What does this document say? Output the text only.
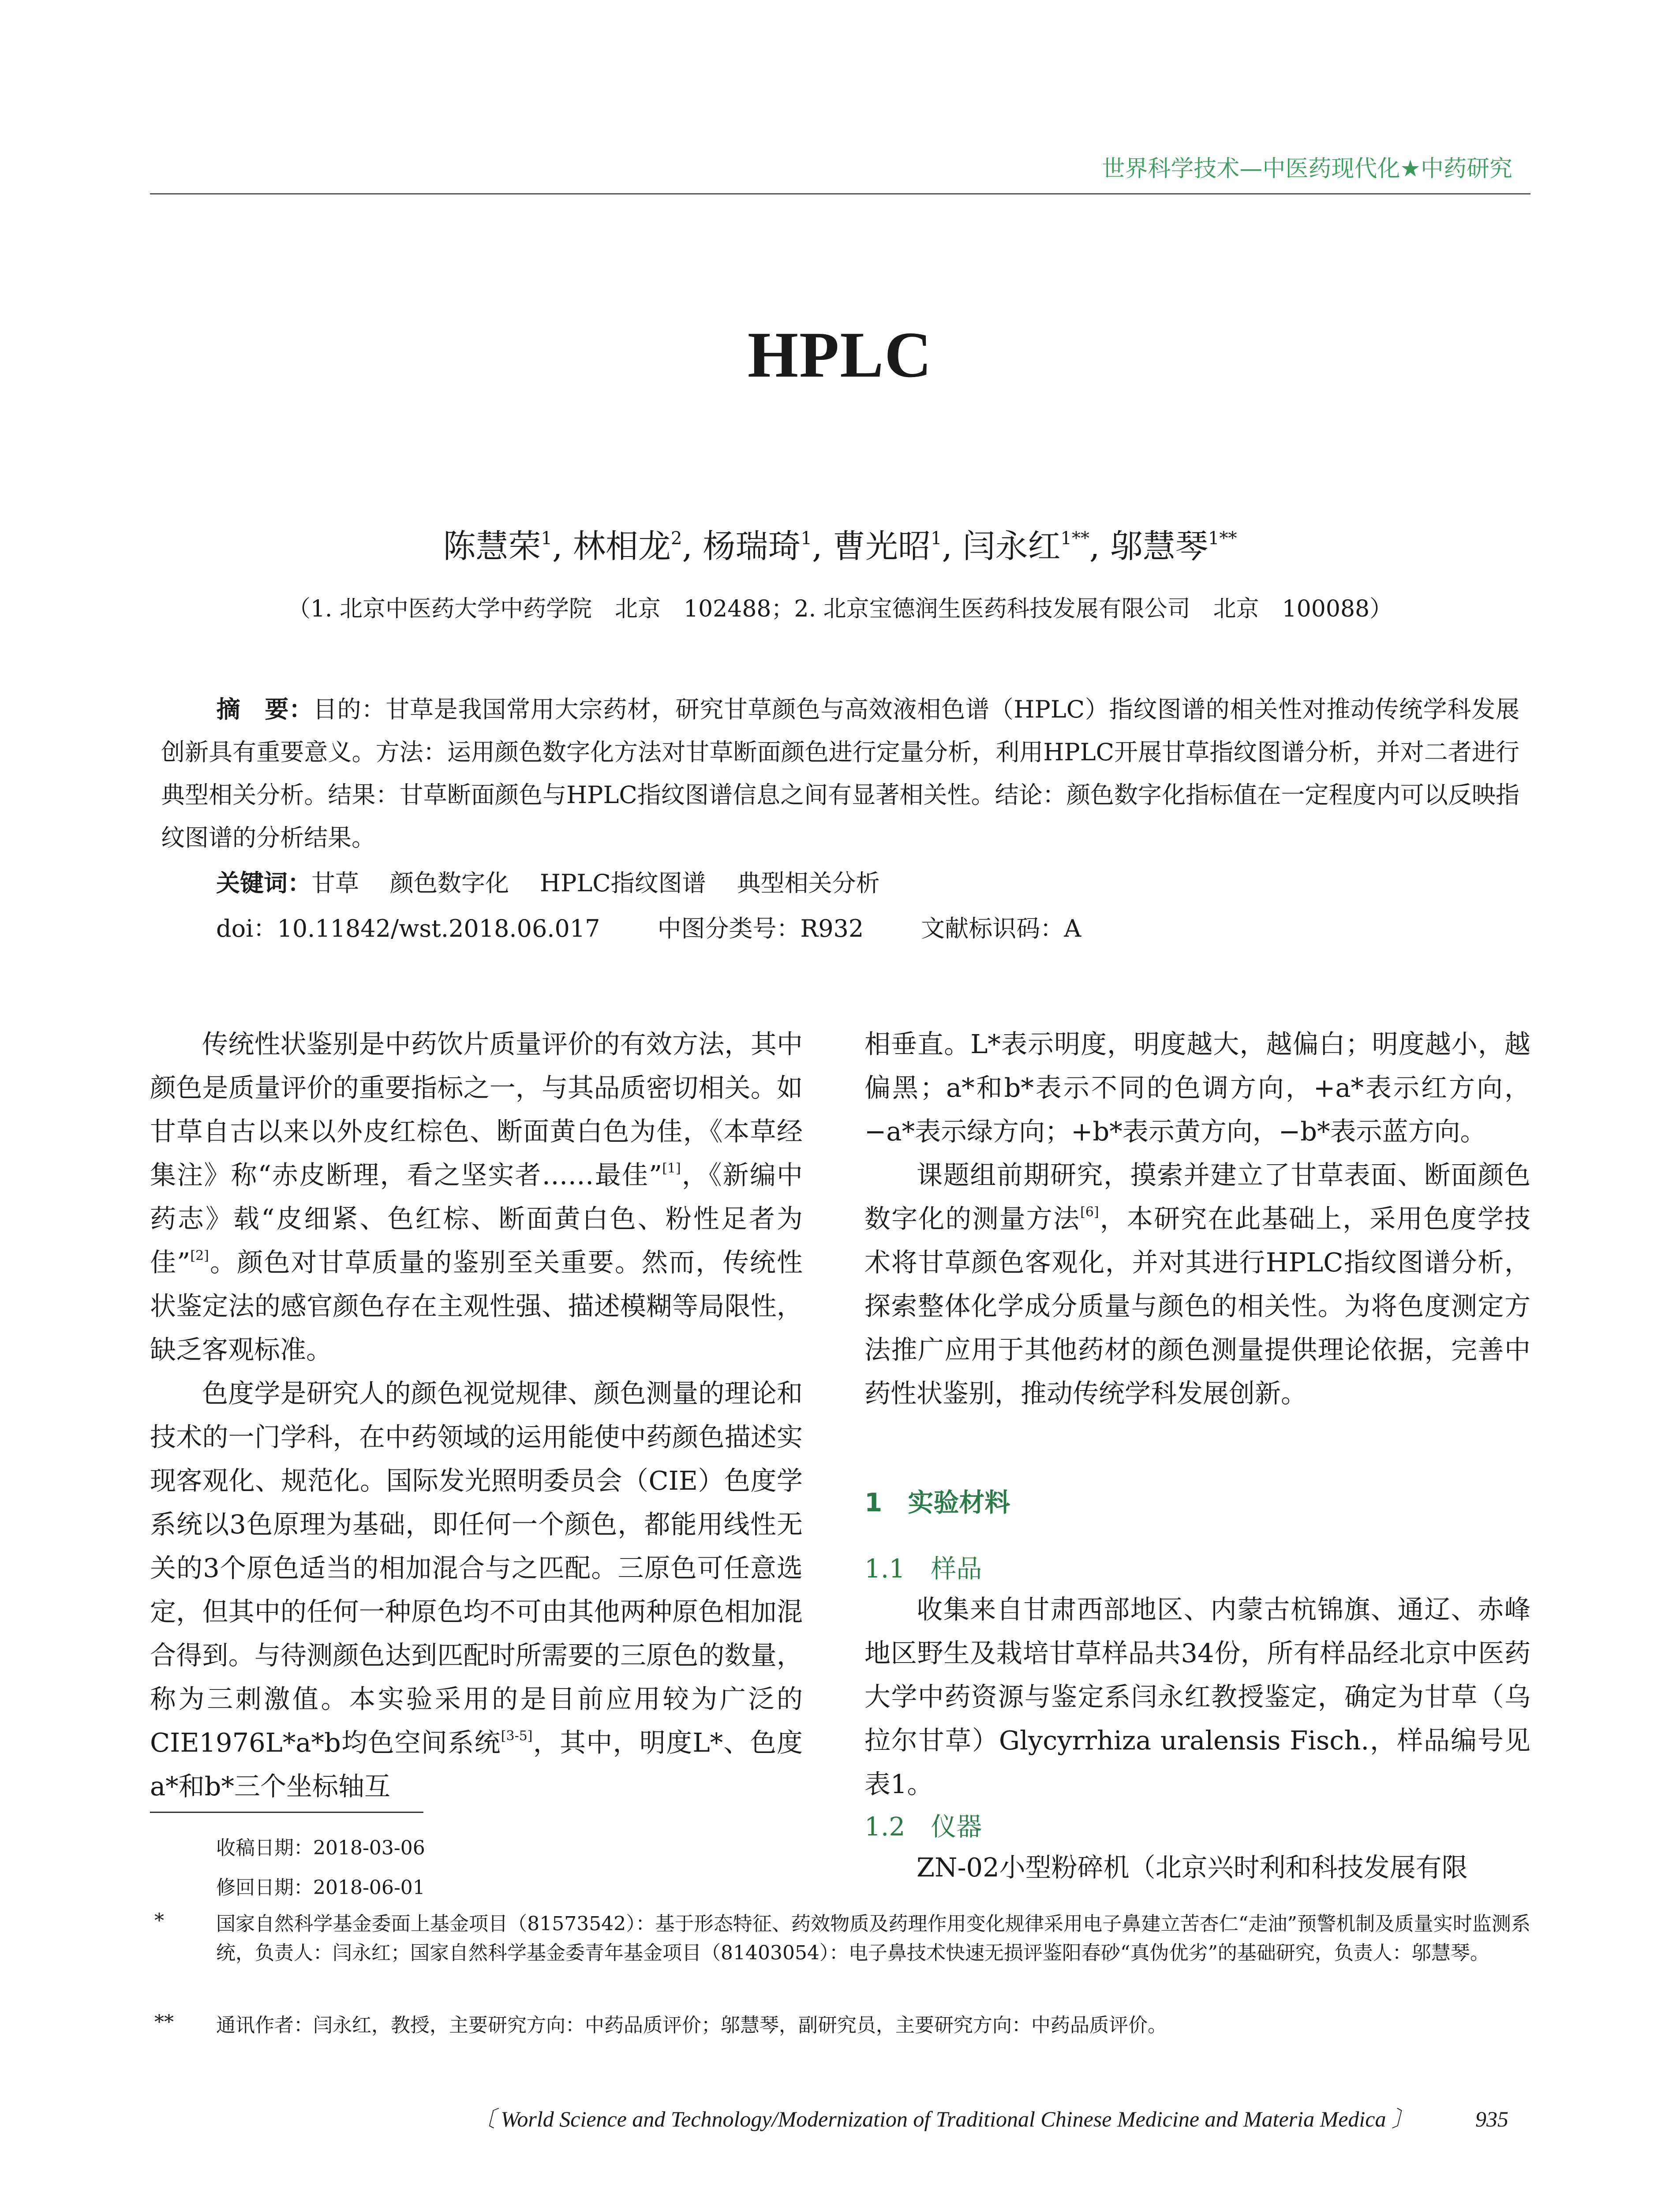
世界科学技术—中医药现代化★中药研究
HPLC
陈慧荣$^1$, 林相龙$^2$, 杨瑞琦$^1$, 曹光昭$^1$, 闫永红$^{1**}$, 邬慧琴$^{1**}$
（1. 北京中医药大学中药学院　北京　102488；2. 北京宝德润生医药科技发展有限公司　北京　100088）

摘　要：目的：甘草是我国常用大宗药材，研究甘草颜色与高效液相色谱（HPLC）指纹图谱的相关性对推动传统学科发展创新具有重要意义。方法：运用颜色数字化方法对甘草断面颜色进行定量分析，利用HPLC开展甘草指纹图谱分析，并对二者进行典型相关分析。结果：甘草断面颜色与HPLC指纹图谱信息之间有显著相关性。结论：颜色数字化指标值在一定程度内可以反映指纹图谱的分析结果。

关键词：甘草 颜色数字化 HPLC指纹图谱 典型相关分析
doi：10.11842/wst.2018.06.017 中图分类号：R932 文献标识码：A

传统性状鉴别是中药饮片质量评价的有效方法，其中颜色是质量评价的重要指标之一，与其品质密切相关。如甘草自古以来以外皮红棕色、断面黄白色为佳，《本草经集注》称“赤皮断理，看之坚实者……最佳”[1]，《新编中药志》载“皮细紧、色红棕、断面黄白色、粉性足者为佳”[2]。颜色对甘草质量的鉴别至关重要。然而，传统性状鉴定法的感官颜色存在主观性强、描述模糊等局限性，缺乏客观标准。

色度学是研究人的颜色视觉规律、颜色测量的理论和技术的一门学科，在中药领域的运用能使中药颜色描述实现客观化、规范化。国际发光照明委员会（CIE）色度学系统以3色原理为基础，即任何一个颜色，都能用线性无关的3个原色适当的相加混合与之匹配。三原色可任意选定，但其中的任何一种原色均不可由其他两种原色相加混合得到。与待测颜色达到匹配时所需要的三原色的数量，称为三刺激值。本实验采用的是目前应用较为广泛的CIE1976L*a*b均色空间系统[3-5]，其中，明度L*、色度a*和b*三个坐标轴互

相垂直。L*表示明度，明度越大，越偏白；明度越小，越偏黑；a*和b*表示不同的色调方向，+a*表示红方向，−a*表示绿方向；+b*表示黄方向，−b*表示蓝方向。

课题组前期研究，摸索并建立了甘草表面、断面颜色数字化的测量方法[6]，本研究在此基础上，采用色度学技术将甘草颜色客观化，并对其进行HPLC指纹图谱分析，探索整体化学成分质量与颜色的相关性。为将色度测定方法推广应用于其他药材的颜色测量提供理论依据，完善中药性状鉴别，推动传统学科发展创新。

1　实验材料
1.1　样品

收集来自甘肃西部地区、内蒙古杭锦旗、通辽、赤峰地区野生及栽培甘草样品共34份，所有样品经北京中医药大学中药资源与鉴定系闫永红教授鉴定，确定为甘草（乌拉尔甘草）Glycyrrhiza uralensis Fisch.，样品编号见表1。

1.2　仪器

ZN-02小型粉碎机（北京兴时利和科技发展有限

收稿日期：2018-03-06
修回日期：2018-06-01
*	国家自然科学基金委面上基金项目（81573542）：基于形态特征、药效物质及药理作用变化规律采用电子鼻建立苦杏仁“走油”预警机制及质量实时监测系统，负责人：闫永红；国家自然科学基金委青年基金项目（81403054）：电子鼻技术快速无损评鉴阳春砂“真伪优劣”的基础研究，负责人：邬慧琴。
** 通讯作者：闫永红，教授，主要研究方向：中药品质评价；邬慧琴，副研究员，主要研究方向：中药品质评价。
〔 World Science and Technology/Modernization of Traditional Chinese Medicine and Materia Medica 〕	935
